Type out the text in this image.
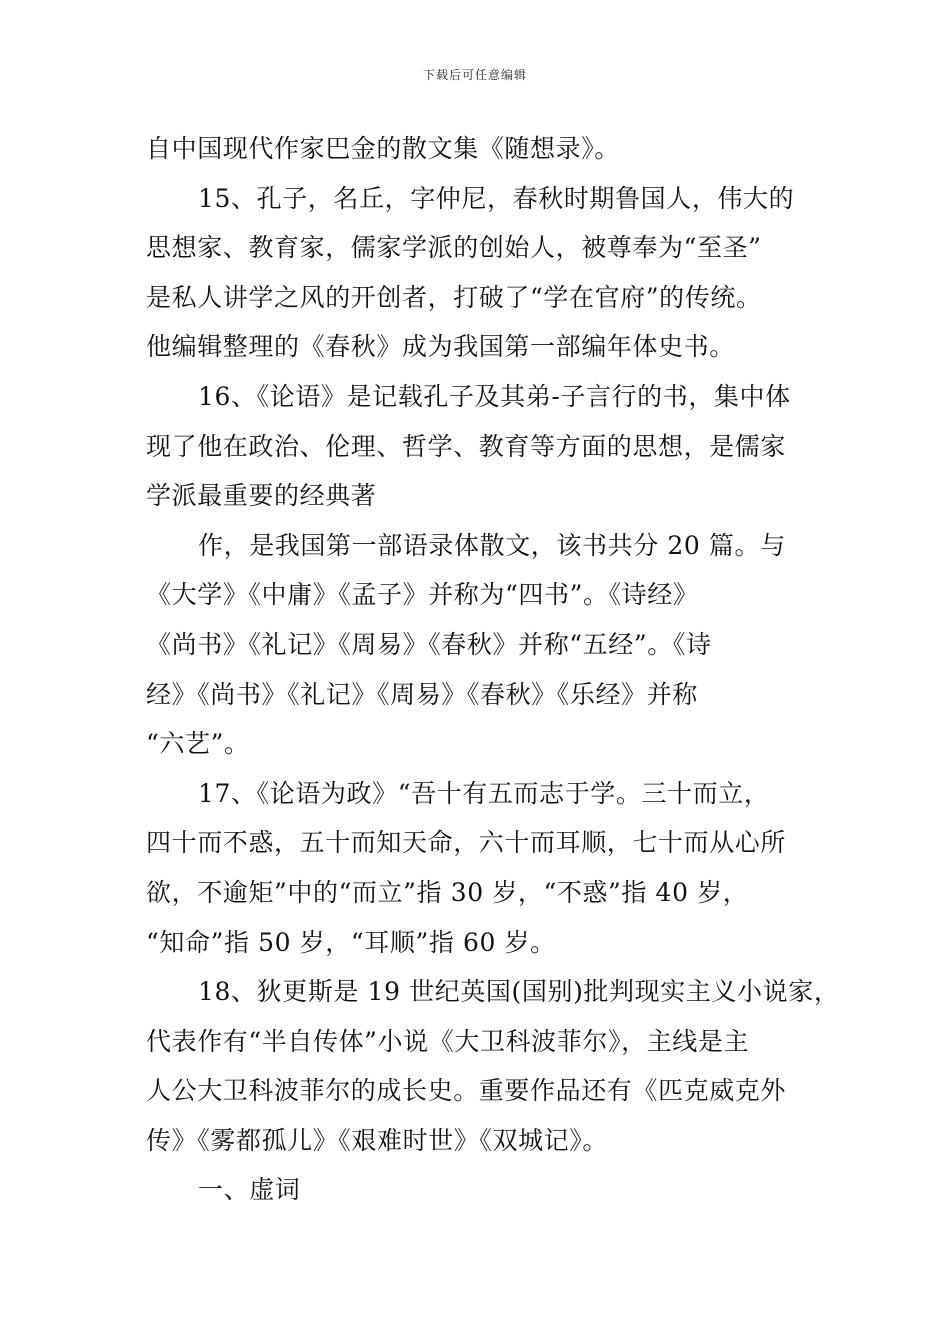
下载后可任意编辑
自中国现代作家巴金的散文集《随想录》。
15、孔子，名丘，字仲尼，春秋时期鲁国人，伟大的
思想家、教育家，儒家学派的创始人，被尊奉为“至圣”
是私人讲学之风的开创者，打破了“学在官府”的传统。
他编辑整理的《春秋》成为我国第一部编年体史书。
16、《论语》是记载孔子及其弟-子言行的书，集中体
现了他在政治、伦理、哲学、教育等方面的思想，是儒家
学派最重要的经典著
作，是我国第一部语录体散文，该书共分 20 篇。与
《大学》《中庸》《孟子》并称为“四书”。《诗经》
《尚书》《礼记》《周易》《春秋》并称“五经”。《诗
经》《尚书》《礼记》《周易》《春秋》《乐经》并称
“六艺”。
17、《论语为政》“吾十有五而志于学。三十而立，
四十而不惑，五十而知天命，六十而耳顺，七十而从心所
欲，不逾矩”中的“而立”指 30 岁，“不惑”指 40 岁，
“知命”指 50 岁，“耳顺”指 60 岁。
18、狄更斯是 19 世纪英国(国别)批判现实主义小说家，
代表作有“半自传体”小说《大卫科波菲尔》，主线是主
人公大卫科波菲尔的成长史。重要作品还有《匹克威克外
传》《雾都孤儿》《艰难时世》《双城记》。
一、虚词
